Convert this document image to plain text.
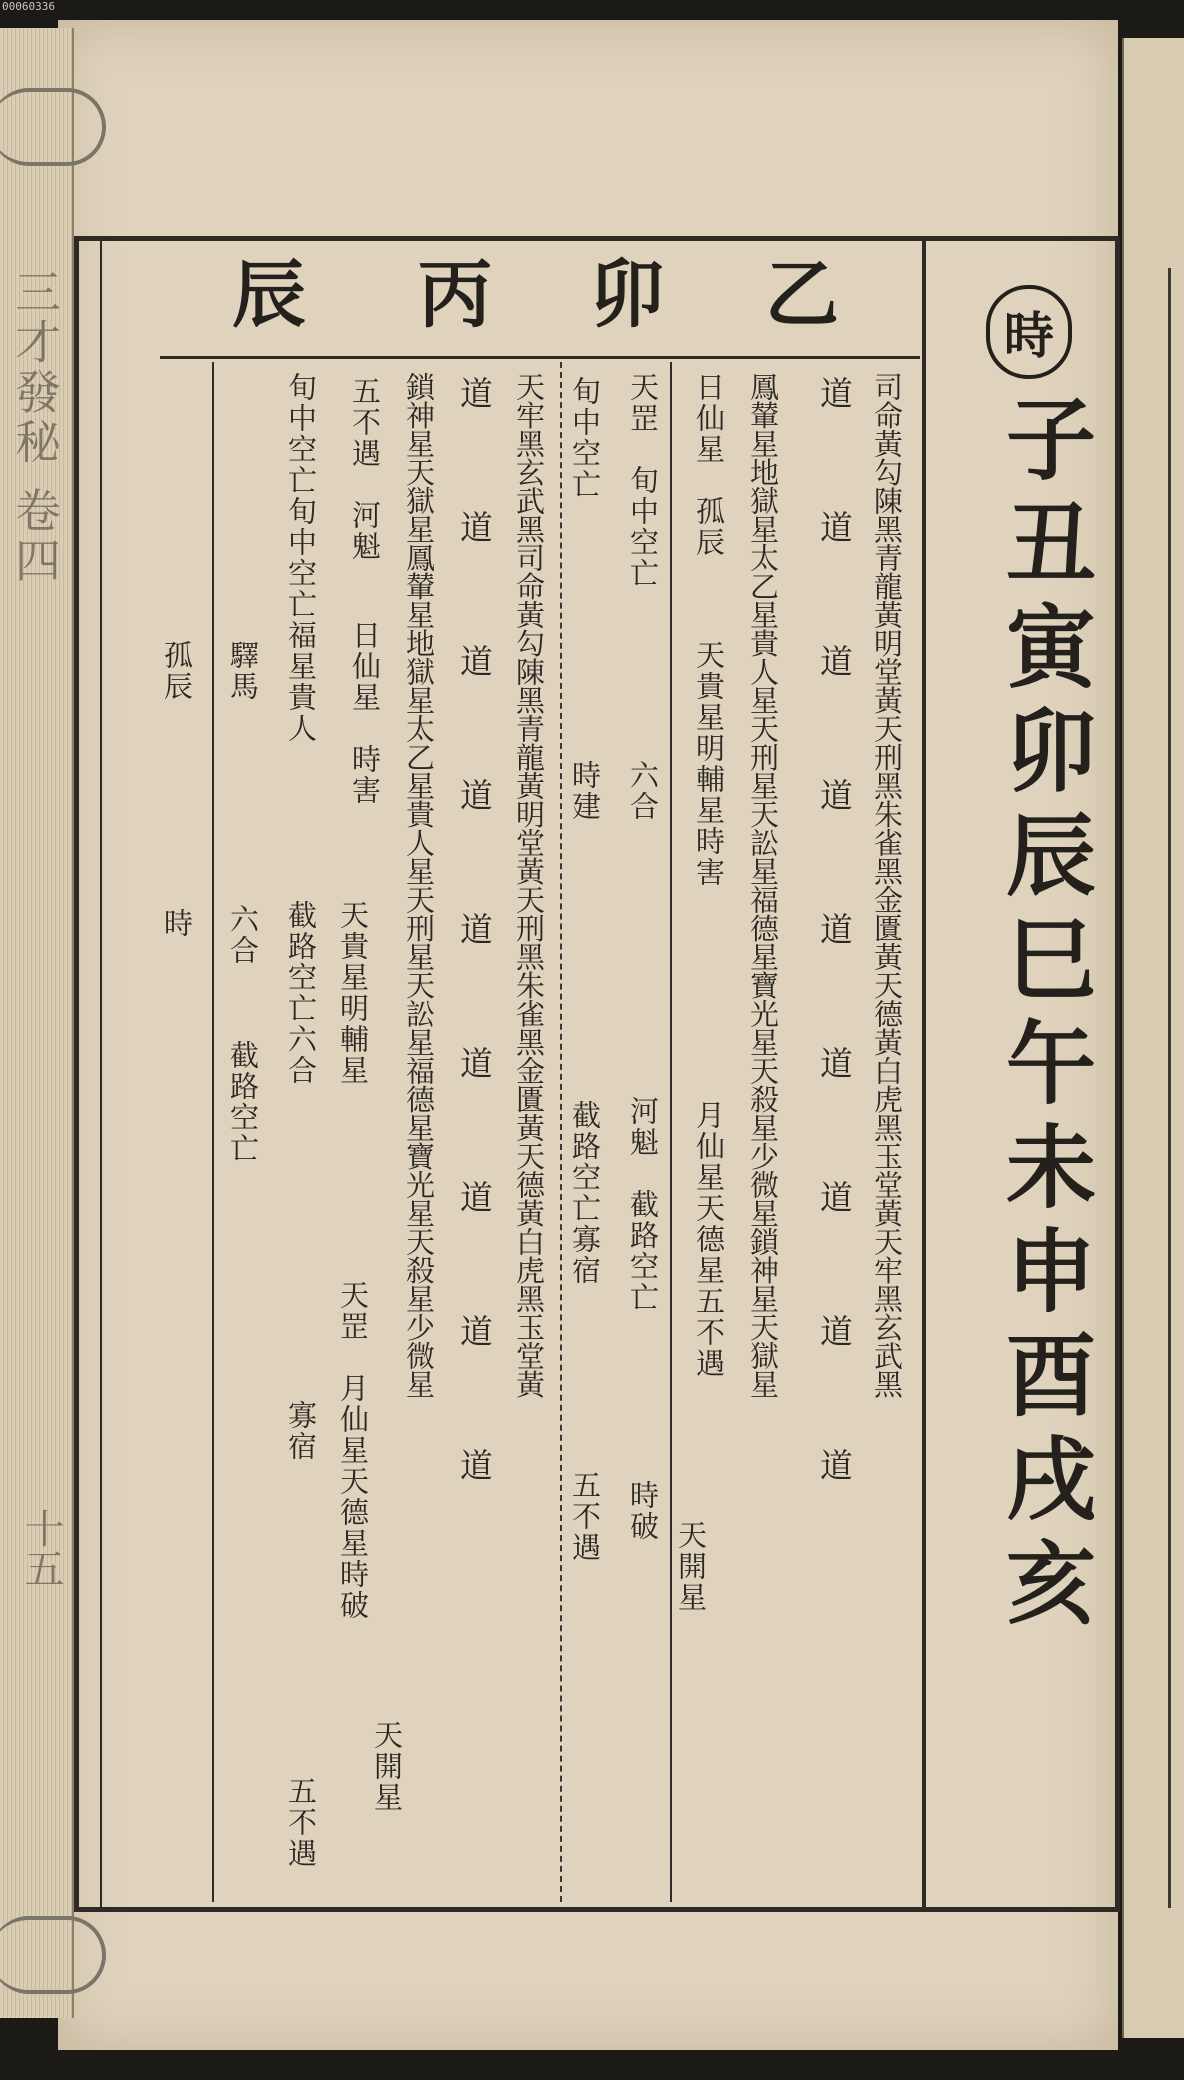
00060336
三才發秘 卷四
十五
乙
卯
丙
辰	時
子丑寅卯辰巳午未申酉戌亥
司命黃勾陳黑青龍黃明堂黃天刑黑朱雀黑金匱黃天德黃白虎黑玉堂黃天牢黑玄武黑
道　道　道　道　道　道　道　道　道
鳳輦星地獄星太乙星貴人星天刑星天訟星福德星寶光星天殺星少微星鎖神星天獄星
日仙星　孤辰
天貴星明輔星時害
月仙星天德星五不遇
天開星
天罡　旬中空亡
六合
河魁　截路空亡
時破
旬中空亡
時建
截路空亡寡宿
五不遇
天牢黑玄武黑司命黃勾陳黑青龍黃明堂黃天刑黑朱雀黑金匱黃天德黃白虎黑玉堂黃
道　道　道　道　道　道　道　道　道
鎖神星天獄星鳳輦星地獄星太乙星貴人星天刑星天訟星福德星寶光星天殺星少微星
五不遇　河魁
日仙星　時害
天貴星明輔星
天罡　月仙星天德星時破
天開星
旬中空亡旬中空亡福星貴人
截路空亡六合
寡宿
五不遇
驛馬
六合
截路空亡
孤辰
時
